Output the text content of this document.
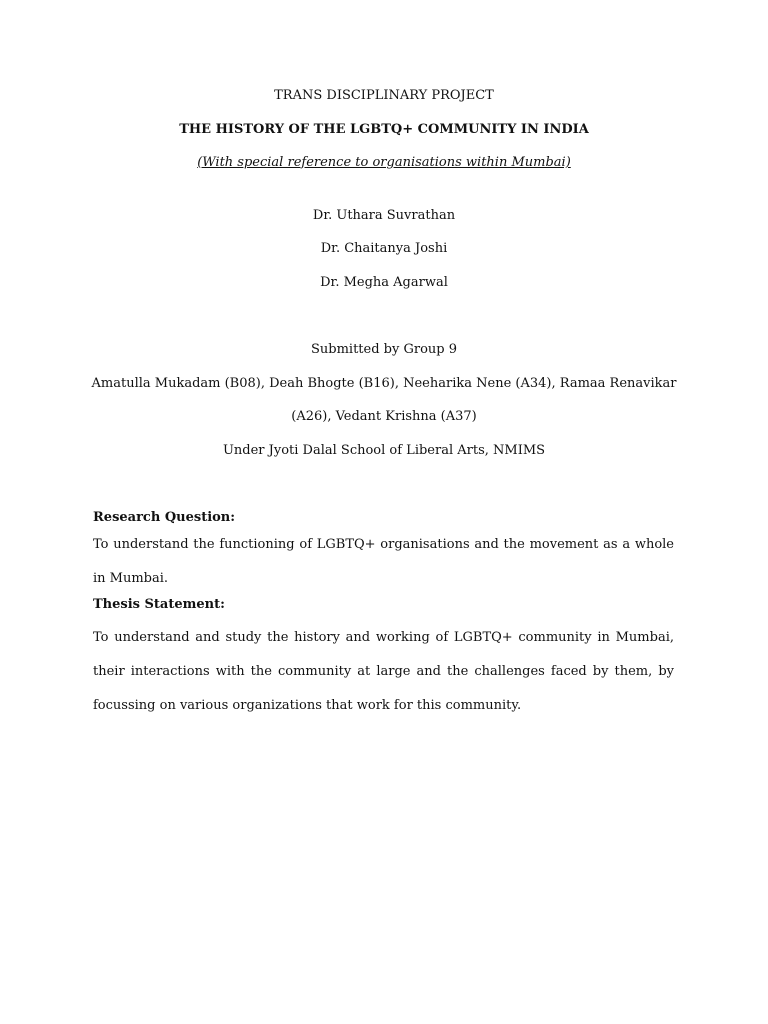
TRANS DISCIPLINARY PROJECT
THE HISTORY OF THE LGBTQ+ COMMUNITY IN INDIA
(With special reference to organisations within Mumbai)
Dr. Uthara Suvrathan
Dr. Chaitanya Joshi
Dr. Megha Agarwal
Submitted by Group 9
Amatulla Mukadam (B08), Deah Bhogte (B16), Neeharika Nene (A34), Ramaa Renavikar
(A26), Vedant Krishna (A37)
Under Jyoti Dalal School of Liberal Arts, NMIMS
Research Question:
To understand the functioning of LGBTQ+ organisations and the movement as a whole in Mumbai.
Thesis Statement:
To understand and study the history and working of LGBTQ+ community in Mumbai, their interactions with the community at large and the challenges faced by them, by focussing on various organizations that work for this community.
